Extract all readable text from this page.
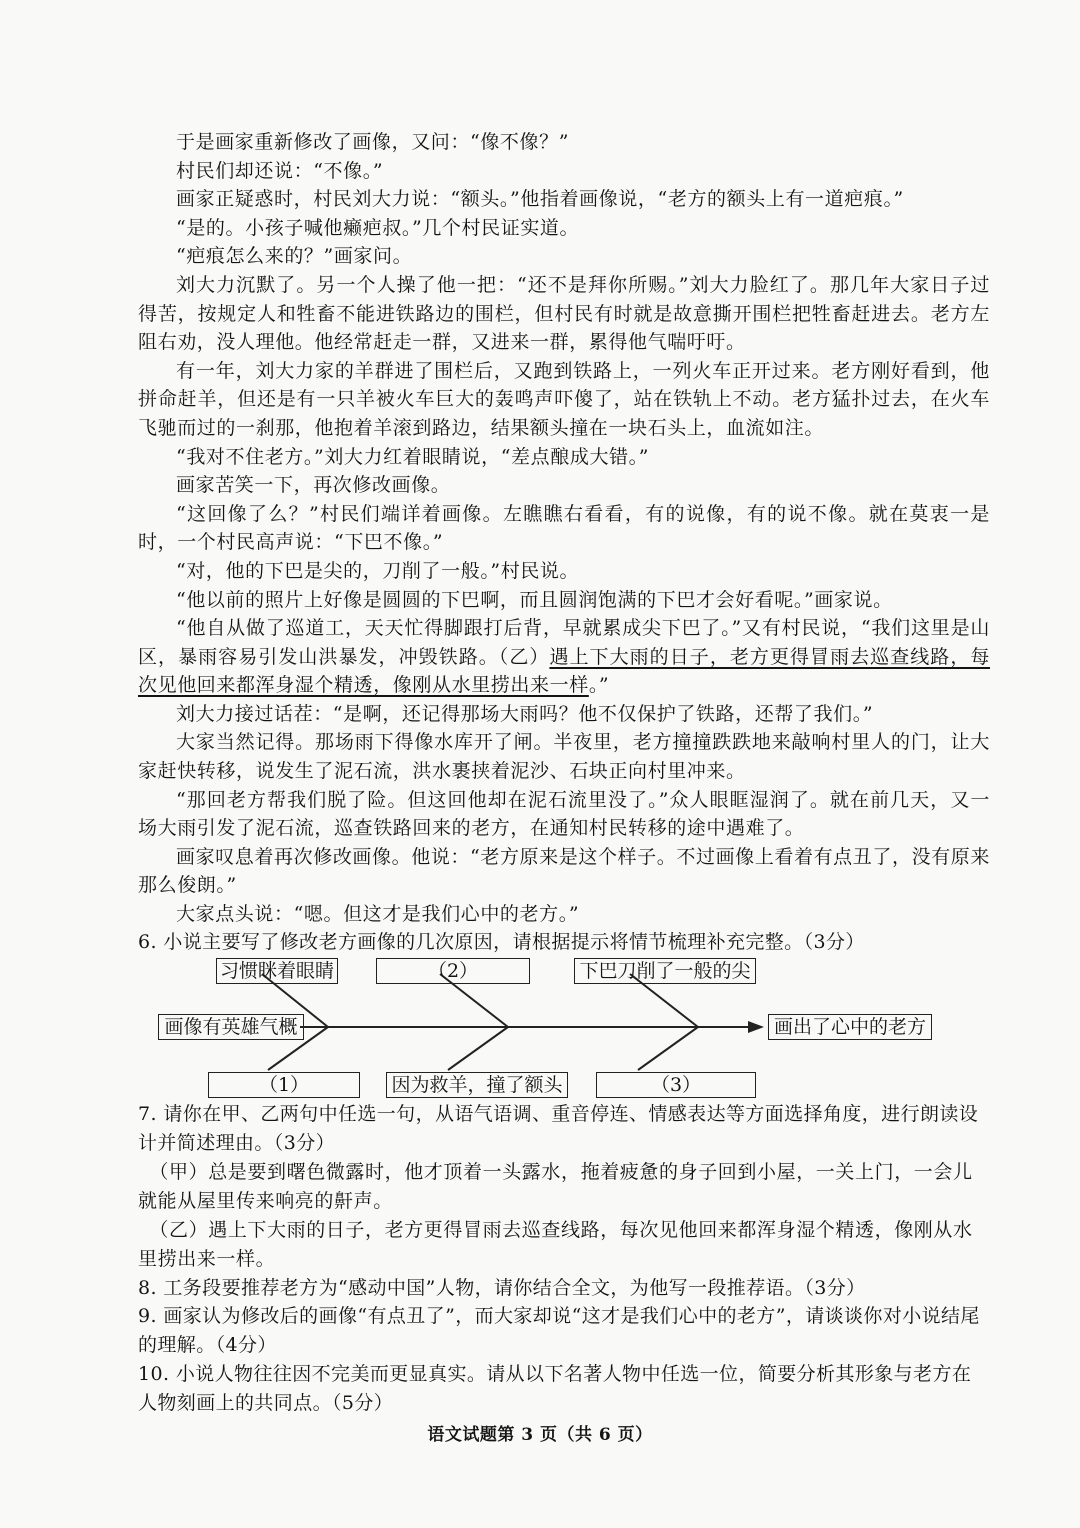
于是画家重新修改了画像，又问：“像不像？”

村民们却还说：“不像。”

画家正疑惑时，村民刘大力说：“额头。”他指着画像说，“老方的额头上有一道疤痕。”

“是的。小孩子喊他癞疤叔。”几个村民证实道。

“疤痕怎么来的？”画家问。

刘大力沉默了。另一个人操了他一把：“还不是拜你所赐。”刘大力脸红了。那几年大家日子过得苦，按规定人和牲畜不能进铁路边的围栏，但村民有时就是故意撕开围栏把牲畜赶进去。老方左阻右劝，没人理他。他经常赶走一群，又进来一群，累得他气喘吁吁。

有一年，刘大力家的羊群进了围栏后，又跑到铁路上，一列火车正开过来。老方刚好看到，他拼命赶羊，但还是有一只羊被火车巨大的轰鸣声吓傻了，站在铁轨上不动。老方猛扑过去，在火车飞驰而过的一刹那，他抱着羊滚到路边，结果额头撞在一块石头上，血流如注。

“我对不住老方。”刘大力红着眼睛说，“差点酿成大错。”

画家苦笑一下，再次修改画像。

“这回像了么？”村民们端详着画像。左瞧瞧右看看，有的说像，有的说不像。就在莫衷一是时，一个村民高声说：“下巴不像。”

“对，他的下巴是尖的，刀削了一般。”村民说。

“他以前的照片上好像是圆圆的下巴啊，而且圆润饱满的下巴才会好看呢。”画家说。

“他自从做了巡道工，天天忙得脚跟打后背，早就累成尖下巴了。”又有村民说，“我们这里是山区，暴雨容易引发山洪暴发，冲毁铁路。（乙）遇上下大雨的日子，老方更得冒雨去巡查线路，每次见他回来都浑身湿个精透，像刚从水里捞出来一样。”

刘大力接过话茬：“是啊，还记得那场大雨吗？他不仅保护了铁路，还帮了我们。”

大家当然记得。那场雨下得像水库开了闸。半夜里，老方撞撞跌跌地来敲响村里人的门，让大家赶快转移，说发生了泥石流，洪水裹挟着泥沙、石块正向村里冲来。

“那回老方帮我们脱了险。但这回他却在泥石流里没了。”众人眼眶湿润了。就在前几天，又一场大雨引发了泥石流，巡查铁路回来的老方，在通知村民转移的途中遇难了。

画家叹息着再次修改画像。他说：“老方原来是这个样子。不过画像上看着有点丑了，没有原来那么俊朗。”

大家点头说：“嗯。但这才是我们心中的老方。”

6. 小说主要写了修改老方画像的几次原因，请根据提示将情节梳理补充完整。（3分）

习惯眯着眼睛	（2）	下巴刀削了一般的尖
画像有英雄气概	画出了心中的老方
（1）	因为救羊，撞了额头	（3）

7. 请你在甲、乙两句中任选一句，从语气语调、重音停连、情感表达等方面选择角度，进行朗读设计并简述理由。（3分）

（甲）总是要到曙色微露时，他才顶着一头露水，拖着疲惫的身子回到小屋，一关上门，一会儿就能从屋里传来响亮的鼾声。

（乙）遇上下大雨的日子，老方更得冒雨去巡查线路，每次见他回来都浑身湿个精透，像刚从水里捞出来一样。

8. 工务段要推荐老方为“感动中国”人物，请你结合全文，为他写一段推荐语。（3分）

9. 画家认为修改后的画像“有点丑了”，而大家却说“这才是我们心中的老方”，请谈谈你对小说结尾的理解。（4分）

10. 小说人物往往因不完美而更显真实。请从以下名著人物中任选一位，简要分析其形象与老方在人物刻画上的共同点。（5分）

语文试题第 3 页（共 6 页）
